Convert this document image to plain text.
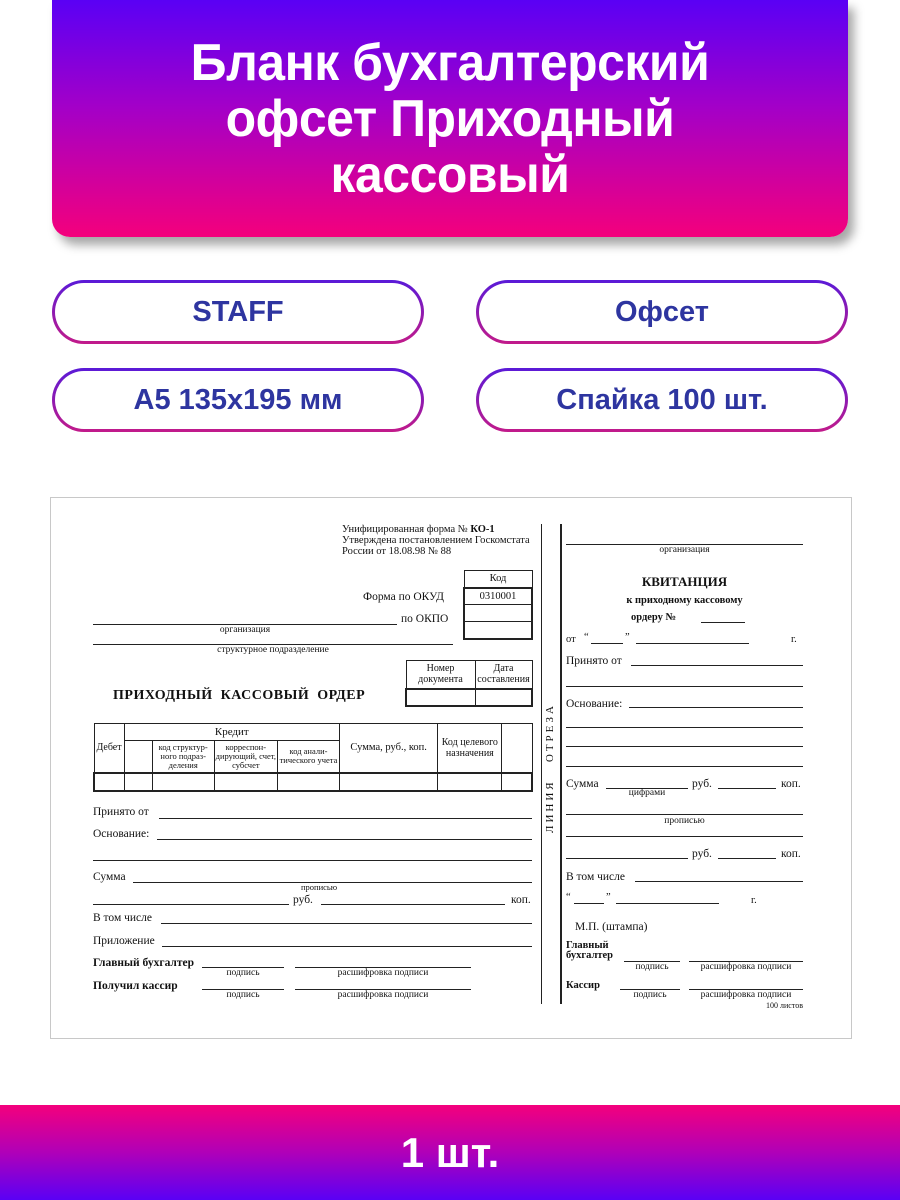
Бланк бухгалтерский офсет Приходный кассовый
STAFF	Офсет
А5 135х195 мм	Спайка 100 шт.
Унифицированная форма № КО-1
Утверждена постановлением Госкомстата
России от 18.08.98 № 88
Код
0310001

Форма по ОКУД
по ОКПО
организация
структурное подразделение
Номер документа	Дата составления

ПРИХОДНЫЙ  КАССОВЫЙ  ОРДЕР
Дебет	Кредит				Сумма, руб., коп.	Код целевого назначения	
		код структур-ного подраз-деления	корреспон-дирующий, счет, субсчет	код анали-тического учета			

Принято от
Основание:
Сумма
прописью
руб.	коп.
В том числе
Приложение
Главный бухгалтер
подпись	расшифровка подписи
Получил кассир
подпись	расшифровка подписи
ЛИНИЯ   ОТРЕЗА
организация
КВИТАНЦИЯ
к приходному кассовому
ордеру №
от “	”	г.
Принято от
Основание:
Сумма
цифрами
руб.	коп.
прописью
руб.	коп.
В том числе
“	”	г.
М.П. (штампа)
Главный
бухгалтер
подпись	расшифровка подписи
Кассир
подпись	расшифровка подписи
100 листов
1 шт.
